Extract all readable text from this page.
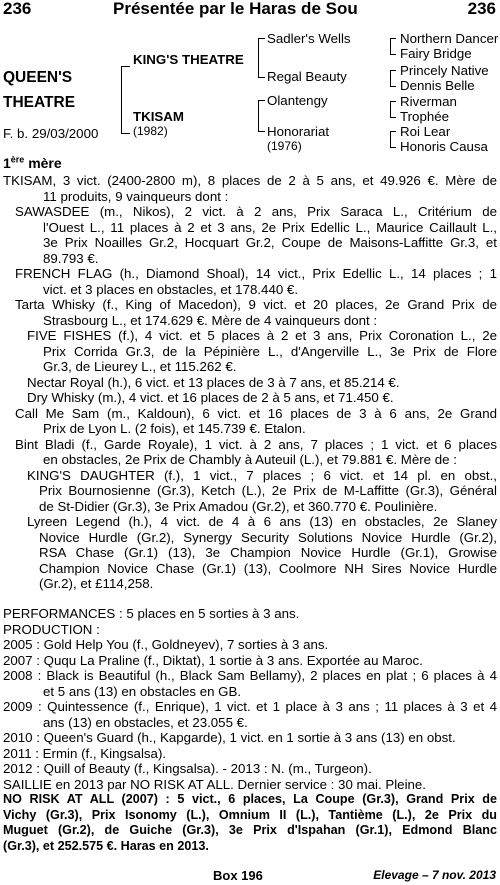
236	Présentée par le Haras de Sou	236
QUEEN'S
THEATRE
F. b. 29/03/2000
KING'S THEATRE
TKISAM
(1982)
Sadler's Wells
Regal Beauty
Olantengy
Honorariat
(1976)
Northern Dancer
Fairy Bridge
Princely Native
Dennis Belle
Riverman
Trophée
Roi Lear
Honoris Causa
1ère mère
TKISAM, 3 vict. (2400-2800 m), 8 places de 2 à 5 ans, et 49.926 €. Mère de
11 produits, 9 vainqueurs dont :
SAWASDEE (m., Nikos), 2 vict. à 2 ans, Prix Saraca L., Critérium de
l'Ouest L., 11 places à 2 et 3 ans, 2e Prix Edellic L., Maurice Caillault L.,
3e Prix Noailles Gr.2, Hocquart Gr.2, Coupe de Maisons-Laffitte Gr.3, et
89.793 €.
FRENCH FLAG (h., Diamond Shoal), 14 vict., Prix Edellic L., 14 places ; 1
vict. et 3 places en obstacles, et 178.440 €.
Tarta Whisky (f., King of Macedon), 9 vict. et 20 places, 2e Grand Prix de
Strasbourg L., et 174.629 €. Mère de 4 vainqueurs dont :
FIVE FISHES (f.), 4 vict. et 5 places à 2 et 3 ans, Prix Coronation L., 2e
Prix Corrida Gr.3, de la Pépinière L., d'Angerville L., 3e Prix de Flore
Gr.3, de Lieurey L., et 115.262 €.
Nectar Royal (h.), 6 vict. et 13 places de 3 à 7 ans, et 85.214 €.
Dry Whisky (m.), 4 vict. et 16 places de 2 à 5 ans, et 71.450 €.
Call Me Sam (m., Kaldoun), 6 vict. et 16 places de 3 à 6 ans, 2e Grand
Prix de Lyon L. (2 fois), et 145.739 €. Etalon.
Bint Bladi (f., Garde Royale), 1 vict. à 2 ans, 7 places ; 1 vict. et 6 places
en obstacles, 2e Prix de Chambly à Auteuil (L.), et 79.881 €. Mère de :
KING'S DAUGHTER (f.), 1 vict., 7 places ; 6 vict. et 14 pl. en obst.,
Prix Bournosienne (Gr.3), Ketch (L.), 2e Prix de M-Laffitte (Gr.3), Général
de St-Didier (Gr.3), 3e Prix Amadou (Gr.2), et 360.770 €. Poulinière.
Lyreen Legend (h.), 4 vict. de 4 à 6 ans (13) en obstacles, 2e Slaney
Novice Hurdle (Gr.2), Synergy Security Solutions Novice Hurdle (Gr.2),
RSA Chase (Gr.1) (13), 3e Champion Novice Hurdle (Gr.1), Growise
Champion Novice Chase (Gr.1) (13), Coolmore NH Sires Novice Hurdle
(Gr.2), et £114,258.
PERFORMANCES : 5 places en 5 sorties à 3 ans.
PRODUCTION :
2005 : Gold Help You (f., Goldneyev), 7 sorties à 3 ans.
2007 : Ququ La Praline (f., Diktat), 1 sortie à 3 ans. Exportée au Maroc.
2008 : Black is Beautiful (h., Black Sam Bellamy), 2 places en plat ; 6 places à 4
et 5 ans (13) en obstacles en GB.
2009 : Quintessence (f., Enrique), 1 vict. et 1 place à 3 ans ; 11 places à 3 et 4
ans (13) en obstacles, et 23.055 €.
2010 : Queen's Guard (h., Kapgarde), 1 vict. en 1 sortie à 3 ans (13) en obst.
2011 : Ermin (f., Kingsalsa).
2012 : Quill of Beauty (f., Kingsalsa). - 2013 : N. (m., Turgeon).
SAILLIE en 2013 par NO RISK AT ALL. Dernier service : 30 mai. Pleine.
NO RISK AT ALL (2007) : 5 vict., 6 places, La Coupe (Gr.3), Grand Prix de
Vichy (Gr.3), Prix Isonomy (L.), Omnium II (L.), Tantième (L.), 2e Prix du
Muguet (Gr.2), de Guiche (Gr.3), 3e Prix d'Ispahan (Gr.1), Edmond Blanc
(Gr.3), et 252.575 €. Haras en 2013.
Box 196	Elevage – 7 nov. 2013
